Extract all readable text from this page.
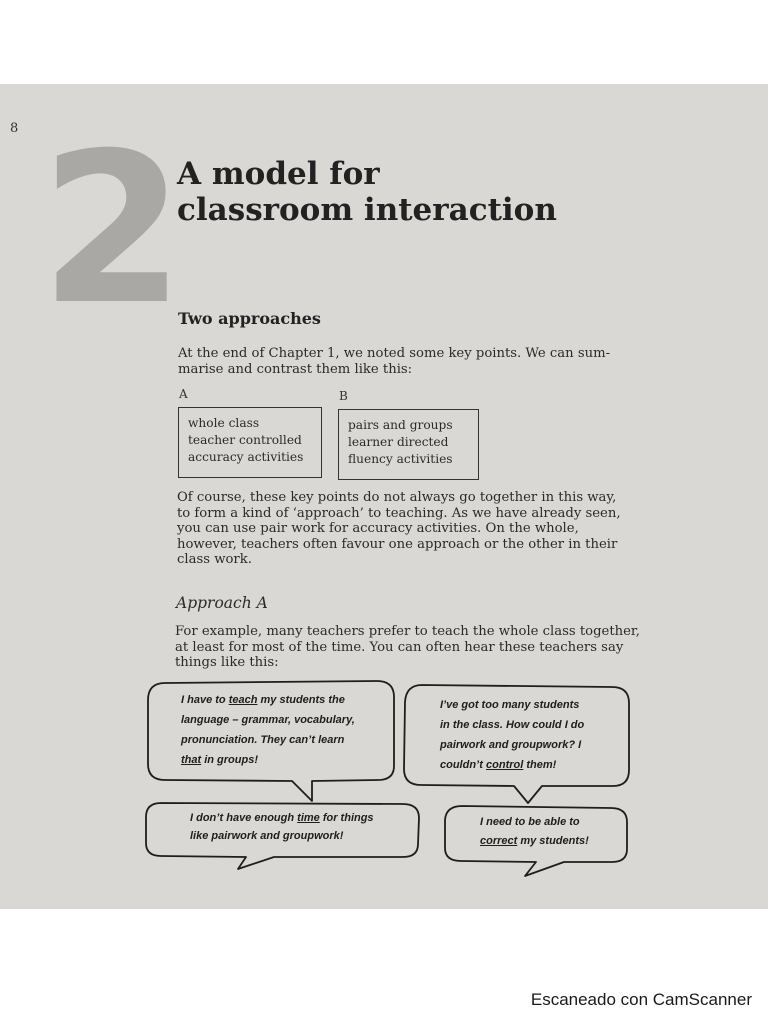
8 2
A model for
classroom interaction
Two approaches

At the end of Chapter 1, we noted some key points. We can sum-
marise and contrast them like this:

A	B
whole class
teacher controlled
accuracy activities
pairs and groups
learner directed
fluency activities

Of course, these key points do not always go together in this way,
to form a kind of ‘approach’ to teaching. As we have already seen,
you can use pair work for accuracy activities. On the whole,
however, teachers often favour one approach or the other in their
class work.

Approach A

For example, many teachers prefer to teach the whole class together,
at least for most of the time. You can often hear these teachers say
things like this:

I have to teach my students the
language – grammar, vocabulary,
pronunciation. They can’t learn
that in groups!

I’ve got too many students
in the class. How could I do
pairwork and groupwork? I
couldn’t control them!

I don’t have enough time for things
like pairwork and groupwork!

I need to be able to
correct my students!

Escaneado con CamScanner
